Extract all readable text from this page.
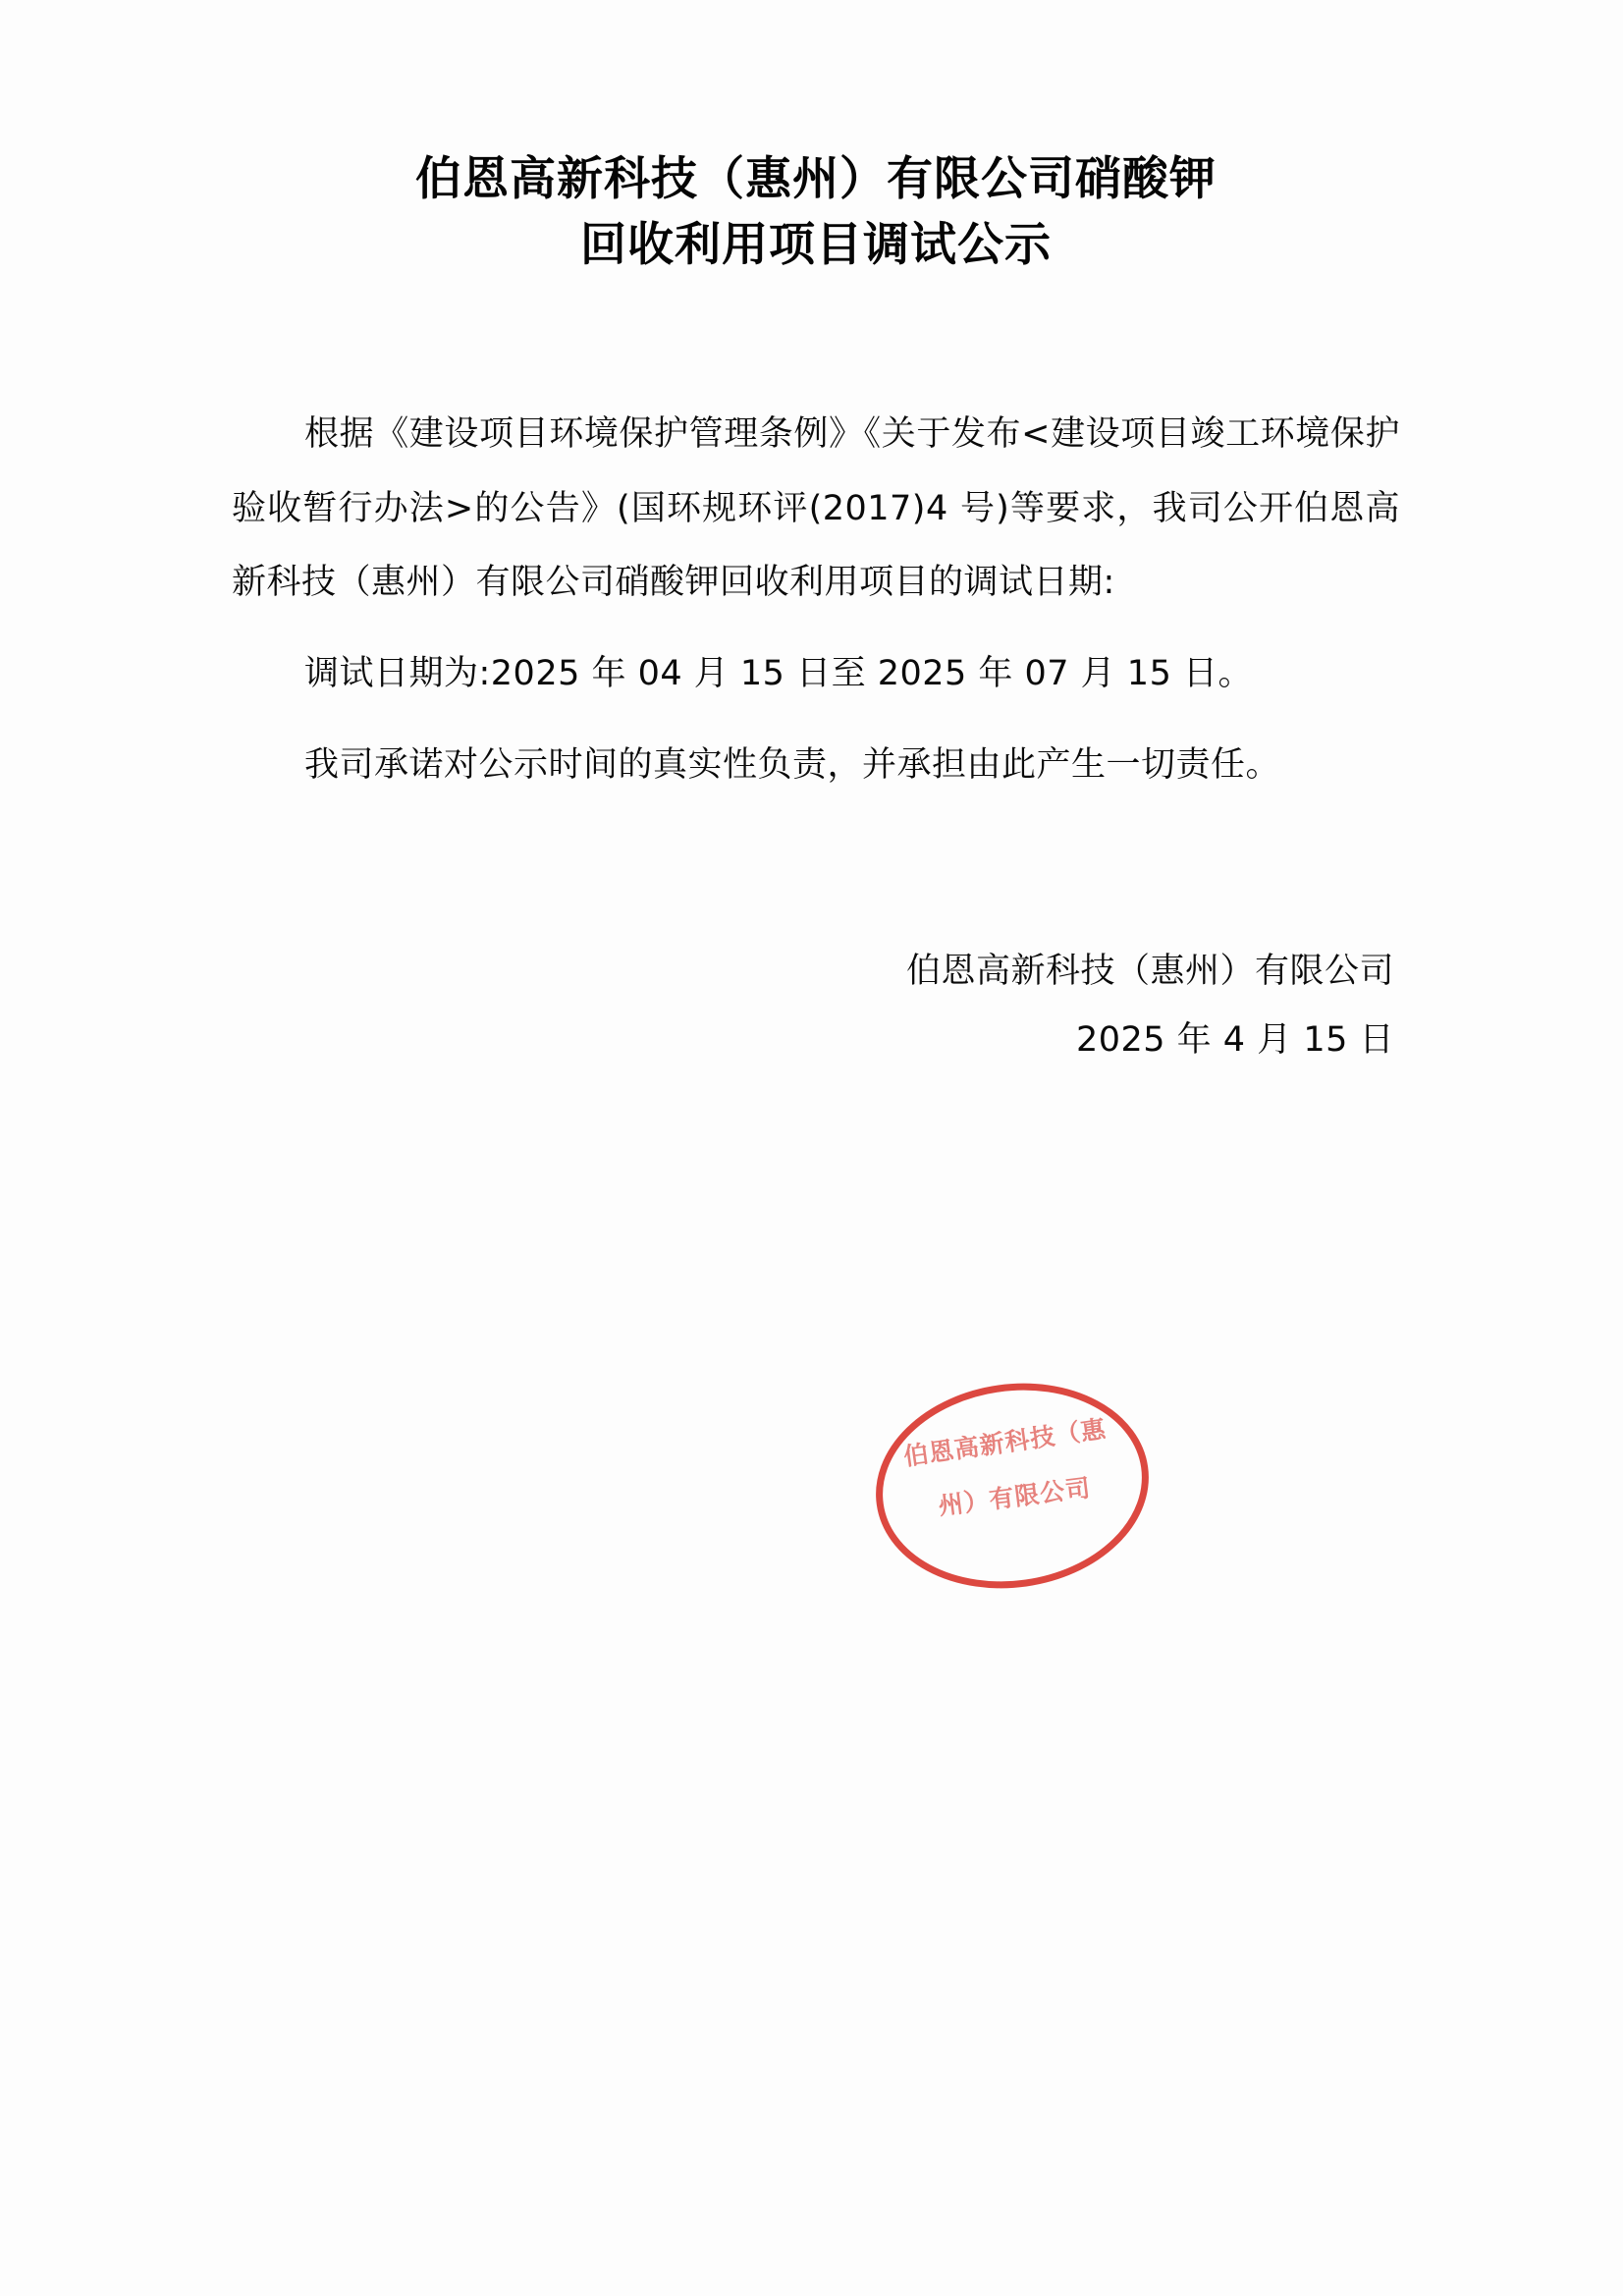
伯恩高新科技（惠州）有限公司硝酸钾
回收利用项目调试公示

根据《建设项目环境保护管理条例》《关于发布<建设项目竣工环境保护验收暂行办法>的公告》(国环规环评(2017)4 号)等要求，我司公开伯恩高新科技（惠州）有限公司硝酸钾回收利用项目的调试日期:

调试日期为:2025 年 04 月 15 日至 2025 年 07 月 15 日。

我司承诺对公示时间的真实性负责，并承担由此产生一切责任。

伯恩高新科技（惠州）有限公司
2025 年 4 月 15 日
伯恩高新科技（惠
州）有限公司
